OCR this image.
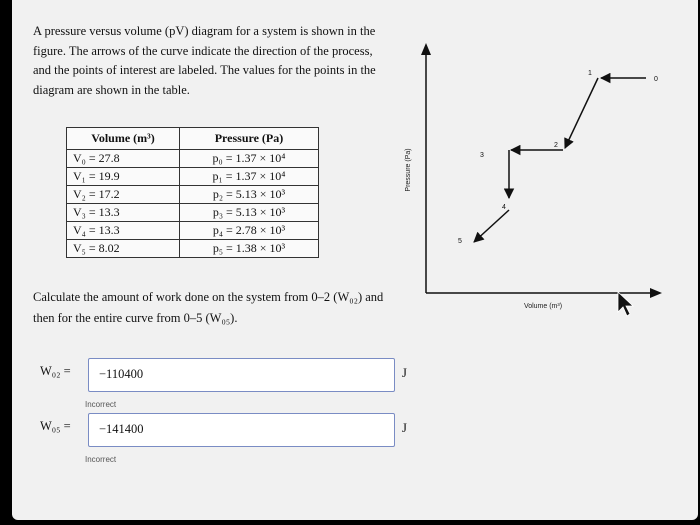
A pressure versus volume (pV) diagram for a system is shown in the figure. The arrows of the curve indicate the direction of the process, and the points of interest are labeled. The values for the points in the diagram are shown in the table.
Volume (m³)	Pressure (Pa)
V₀ = 27.8	p₀ = 1.37 × 10⁴
V₁ = 19.9	p₁ = 1.37 × 10⁴
V₂ = 17.2	p₂ = 5.13 × 10³
V₃ = 13.3	p₃ = 5.13 × 10³
V₄ = 13.3	p₄ = 2.78 × 10³
V₅ = 8.02	p₅ = 1.38 × 10³
Calculate the amount of work done on the system from 0–2 (W₀₂) and then for the entire curve from 0–5 (W₀₅).
W₀₂ =	−110400	J
Incorrect
W₀₅ =	−141400	J
Incorrect
Pressure (Pa)
Volume (m³)
0
1
2
3
4
5
